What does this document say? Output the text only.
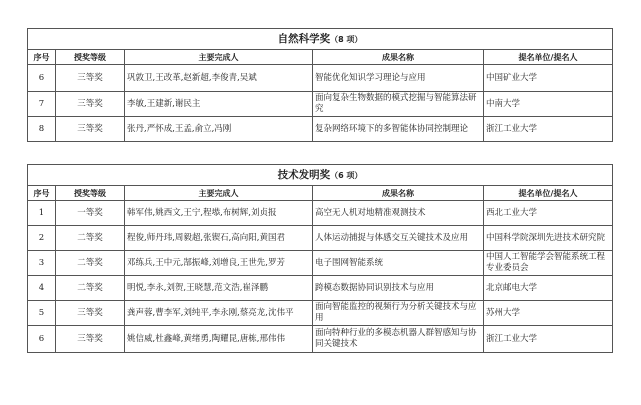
自然科学奖（8 项）				
序号	授奖等级	主要完成人	成果名称	提名单位/提名人
6	三等奖	巩敦卫,王改革,赵新超,李俊青,吴斌	智能优化知识学习理论与应用	中国矿业大学
7	三等奖	李敏,王建新,谢民主	面向复杂生物数据的模式挖掘与智能算法研究	中南大学
8	三等奖	张丹,严怀成,王孟,俞立,冯刚	复杂网络环境下的多智能体协同控制理论	浙江工业大学
技术发明奖（6 项）				
序号	授奖等级	主要完成人	成果名称	提名单位/提名人
1	一等奖	韩军伟,姚西文,王宁,程塨,布树辉,刘贞报	高空无人机对地精准观测技术	西北工业大学
2	二等奖	程俊,师丹玮,周毅超,张锲石,高向阳,黄国君	人体运动捕捉与体感交互关键技术及应用	中国科学院深圳先进技术研究院
3	二等奖	邓练兵,王中元,郜振峰,刘增良,王世先,罗芳	电子围网智能系统	中国人工智能学会智能系统工程专业委员会
4	二等奖	明悦,李永,刘贺,王晓慧,范文浩,崔泽鹏	跨模态数据协同识别技术与应用	北京邮电大学
5	三等奖	龚声蓉,曹李军,刘纯平,李永刚,蔡亮龙,沈伟平	面向智能监控的视频行为分析关键技术与应用	苏州大学
6	三等奖	姚信威,杜鑫峰,黄绪勇,陶耀昆,唐栋,邢伟伟	面向特种行业的多模态机器人群智感知与协同关键技术	浙江工业大学
